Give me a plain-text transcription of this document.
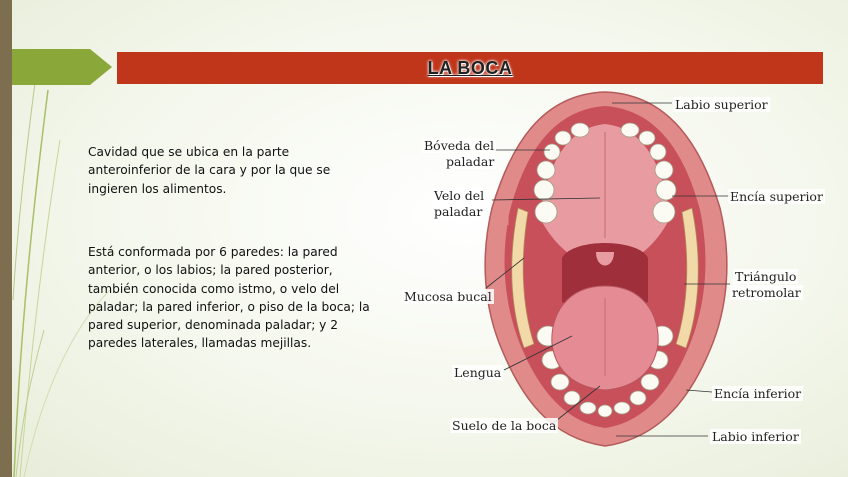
LA BOCA

Cavidad que se ubica en la parte anteroinferior de la cara y por la que se ingieren los alimentos.

Está conformada por 6 paredes: la pared anterior, o los labios; la pared posterior, también conocida como istmo, o velo del paladar; la pared inferior, o piso de la boca; la pared superior, denominada paladar; y 2 paredes laterales, llamadas mejillas.

Labio superior
Bóveda del
paladar
Velo del
paladar
Encía superior
Mucosa bucal
Triángulo
retromolar
Lengua
Encía inferior
Suelo de la boca
Labio inferior
